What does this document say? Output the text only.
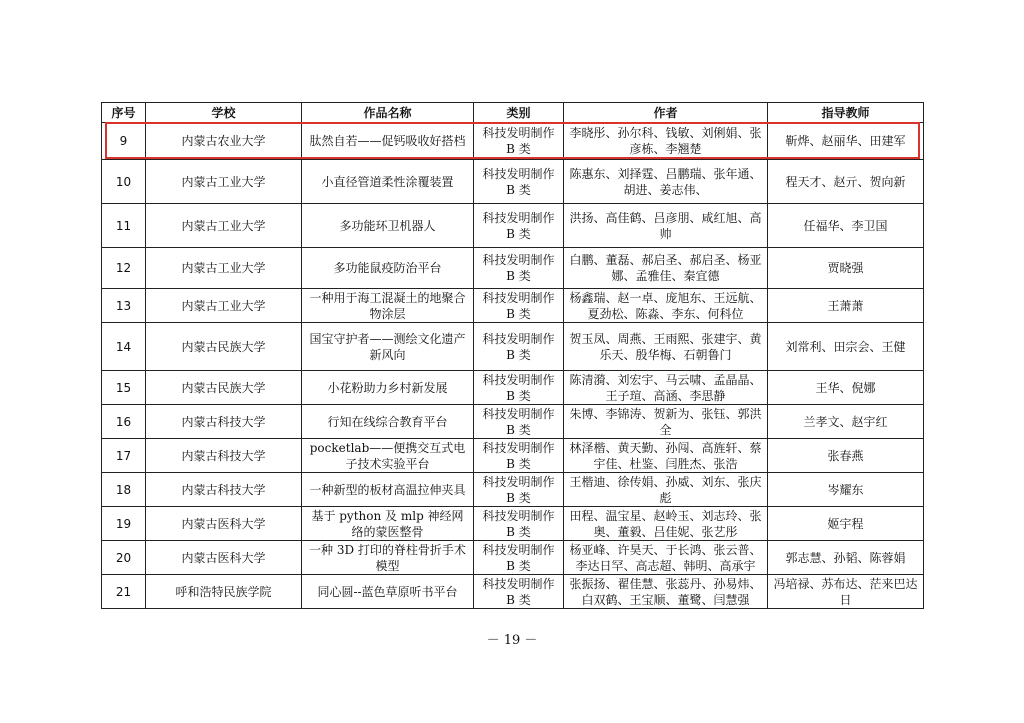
序号	学校	作品名称	类别	作者	指导教师
9	内蒙古农业大学	肽然自若——促钙吸收好搭档	科技发明制作 B 类	李晓彤、孙尔科、钱敏、刘俐娟、张彦栋、李翘楚	靳烨、赵丽华、田建军
10	内蒙古工业大学	小直径管道柔性涂覆装置	科技发明制作 B 类	陈惠东、刘择霆、吕鹏瑞、张年通、胡进、姜志伟、	程天才、赵亓、贺向新
11	内蒙古工业大学	多功能环卫机器人	科技发明制作 B 类	洪扬、高佳鹤、吕彦朋、咸红旭、高帅	任福华、李卫国
12	内蒙古工业大学	多功能鼠疫防治平台	科技发明制作 B 类	白鹏、董磊、郝启圣、郝启圣、杨亚娜、孟雅佳、秦宜德	贾晓强
13	内蒙古工业大学	一种用于海工混凝土的地聚合物涂层	科技发明制作 B 类	杨鑫瑞、赵一卓、庞旭东、王远航、夏劲松、陈淼、李东、何科位	王萧萧
14	内蒙古民族大学	国宝守护者——测绘文化遗产新风向	科技发明制作 B 类	贺玉凤、周燕、王雨熙、张建宇、黄乐天、殷华梅、石朝鲁门	刘常利、田宗会、王健
15	内蒙古民族大学	小花粉助力乡村新发展	科技发明制作 B 类	陈清漪、刘宏宇、马云啸、孟晶晶、王子瑄、高涵、李思静	王华、倪娜
16	内蒙古科技大学	行知在线综合教育平台	科技发明制作 B 类	朱博、李锦涛、贺新为、张钰、郭洪全	兰孝文、赵宇红
17	内蒙古科技大学	pocketlab——便携交互式电子技术实验平台	科技发明制作 B 类	林泽楷、黄天勤、孙闯、高旌轩、蔡宇佳、杜鉴、闫胜杰、张浩	张春燕
18	内蒙古科技大学	一种新型的板材高温拉伸夹具	科技发明制作 B 类	王楷迪、徐传娟、孙威、刘东、张庆彪	岑耀东
19	内蒙古医科大学	基于 python 及 mlp 神经网络的蒙医整骨	科技发明制作 B 类	田程、温宝星、赵岭玉、刘志玲、张奥、董毅、吕佳妮、张艺彤	姬宇程
20	内蒙古医科大学	一种 3D 打印的脊柱骨折手术模型	科技发明制作 B 类	杨亚峰、许昊天、于长鸿、张云普、李达日罕、高志超、韩明、高承宇	郭志慧、孙韬、陈蓉娟
21	呼和浩特民族学院	同心圆--蓝色草原听书平台	科技发明制作 B 类	张振扬、翟佳慧、张蕊丹、孙易炜、白双鹤、王宝顺、董鹭、闫慧强	冯培禄、苏布达、茫来巴达日
－ 19 －
